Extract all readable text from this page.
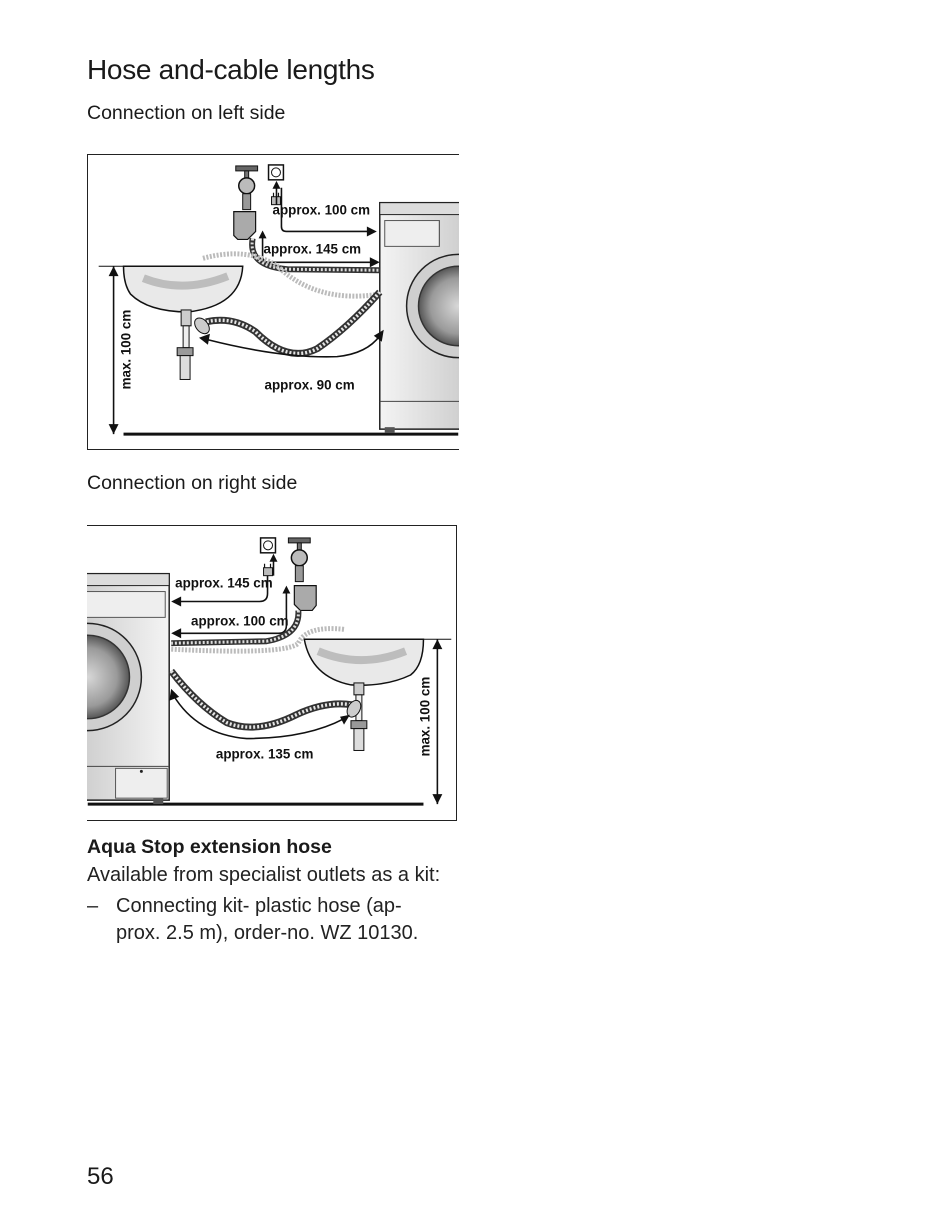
Hose and-cable lengths
Connection on left side
approx. 100 cm
approx. 145 cm
approx. 90 cm
max. 100 cm
Connection on right side
approx. 145 cm
approx. 100 cm
approx. 135 cm	max. 100 cm
Aqua Stop extension hose

Available from specialist outlets as a kit:

– Connecting kit- plastic hose (ap-
prox. 2.5 m), order-no. WZ 10130.

56
